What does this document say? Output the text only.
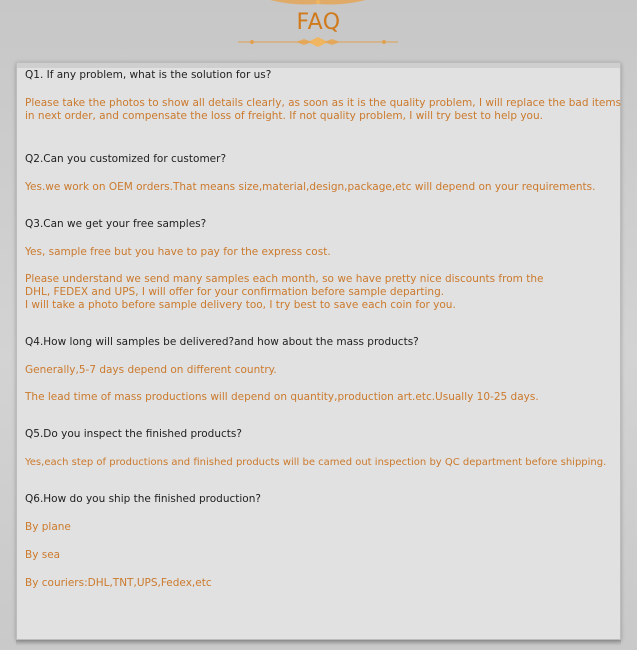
FAQ

Q1. If any problem, what is the solution for us?

Please take the photos to show all details clearly, as soon as it is the quality problem, I will replace the bad items in next order, and compensate the loss of freight. If not quality problem, I will try best to help you.

Q2.Can you customized for customer?

Yes.we work on OEM orders.That means size,material,design,package,etc will depend on your requirements.

Q3.Can we get your free samples?

Yes, sample free but you have to pay for the express cost.

Please understand we send many samples each month, so we have pretty nice discounts from the DHL, FEDEX and UPS, I will offer for your confirmation before sample departing.

I will take a photo before sample delivery too, I try best to save each coin for you.

Q4.How long will samples be delivered?and how about the mass products?

Generally,5-7 days depend on different country.

The lead time of mass productions will depend on quantity,production art.etc.Usually 10-25 days.

Q5.Do you inspect the finished products?

Yes,each step of productions and finished products will be camed out inspection by QC department before shipping.

Q6.How do you ship the finished production?

By plane

By sea

By couriers:DHL,TNT,UPS,Fedex,etc
